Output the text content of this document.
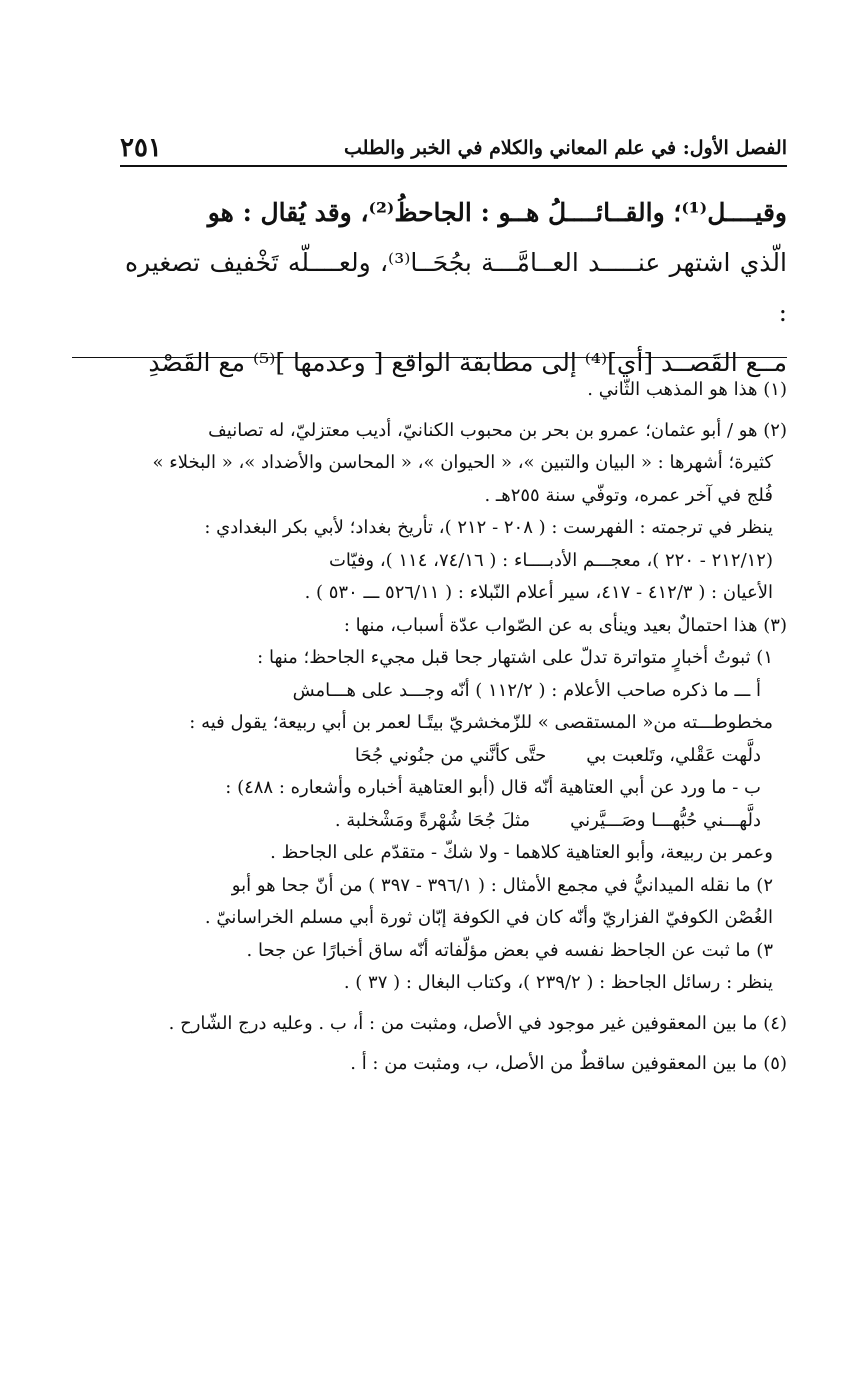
الفصل الأول: في علم المعاني والكلام في الخبر والطلب
٢٥١

وقيــــل⁽¹⁾؛ والقــائــــلُ هــو : الجاحظُ⁽²⁾، وقد يُقال : هو

الّذي اشتهر عنـــــد العــامَّـــة بجُحَــا⁽³⁾، ولعــــلّه تَخْفيف تصغيره :

مــع القَصــد [أي]⁽⁴⁾ إلى مطابقة الواقع [ وعدمها ]⁽⁵⁾ مع القَصْدِ

(١) هذا هو المذهب الثّاني .

(٢) هو / أبو عثمان؛ عمرو بن بحر بن محبوب الكنانيّ، أديب معتزليّ، له تصانيف

كثيرة؛ أشهرها : « البيان والتبين »، « الحيوان »، « المحاسن والأضداد »، « البخلاء »

فُلج في آخر عمره، وتوفّي سنة ٢٥٥هـ .

ينظر في ترجمته : الفهرست : ( ٢٠٨ - ٢١٢ )، تأريخ بغداد؛ لأبي بكر البغدادي :

(٢١٢/١٢ - ٢٢٠ )، معجـــم الأدبــــاء : ( ٧٤/١٦، ١١٤ )، وفيّات

الأعيان : ( ٤١٢/٣ - ٤١٧، سير أعلام النّبلاء : ( ٥٢٦/١١ ـــ ٥٣٠ ) .

(٣) هذا احتمالٌ بعيد وينأى به عن الصّواب عدّة أسباب، منها :

١) ثبوتُ أخبارٍ متواترة تدلّ على اشتهار جحا قبل مجيء الجاحظ؛ منها :

أ ـــ ما ذكره صاحب الأعلام : ( ١١٢/٢ ) أنّه وجـــد على هـــامش

مخطوطـــته من« المستقصى » للزّمخشريّ بيتًـا لعمر بن أبي ربيعة؛ يقول فيه :

دلَّهت عَقْلي، وتَلعبت بي
حتَّى كأنَّني من جنُوني جُحَا

ب - ما ورد عن أبي العتاهية أنّه قال (أبو العتاهية أخباره وأشعاره : ٤٨٨) :

دلَّهـــني حُبُّهـــا وصَـــيَّرني
مثلَ جُحَا شُهْرةً ومَشْخلبة .

وعمر بن ربيعة، وأبو العتاهية كلاهما - ولا شكّ - متقدّم على الجاحظ .

٢) ما نقله الميدانيُّ في مجمع الأمثال : ( ٣٩٦/١ - ٣٩٧ ) من أنّ جحا هو أبو

الغُصْن الكوفيّ الفزاريّ وأنّه كان في الكوفة إبّان ثورة أبي مسلم الخراسانيّ .

٣) ما ثبت عن الجاحظ نفسه في بعض مؤلّفاته أنّه ساق أخبارًا عن جحا .

ينظر : رسائل الجاحظ : ( ٢٣٩/٢ )، وكتاب البغال : ( ٣٧ ) .

(٤) ما بين المعقوفين غير موجود في الأصل، ومثبت من : أ، ب . وعليه درج الشّارح .

(٥) ما بين المعقوفين ساقطٌ من الأصل، ب، ومثبت من : أ .
